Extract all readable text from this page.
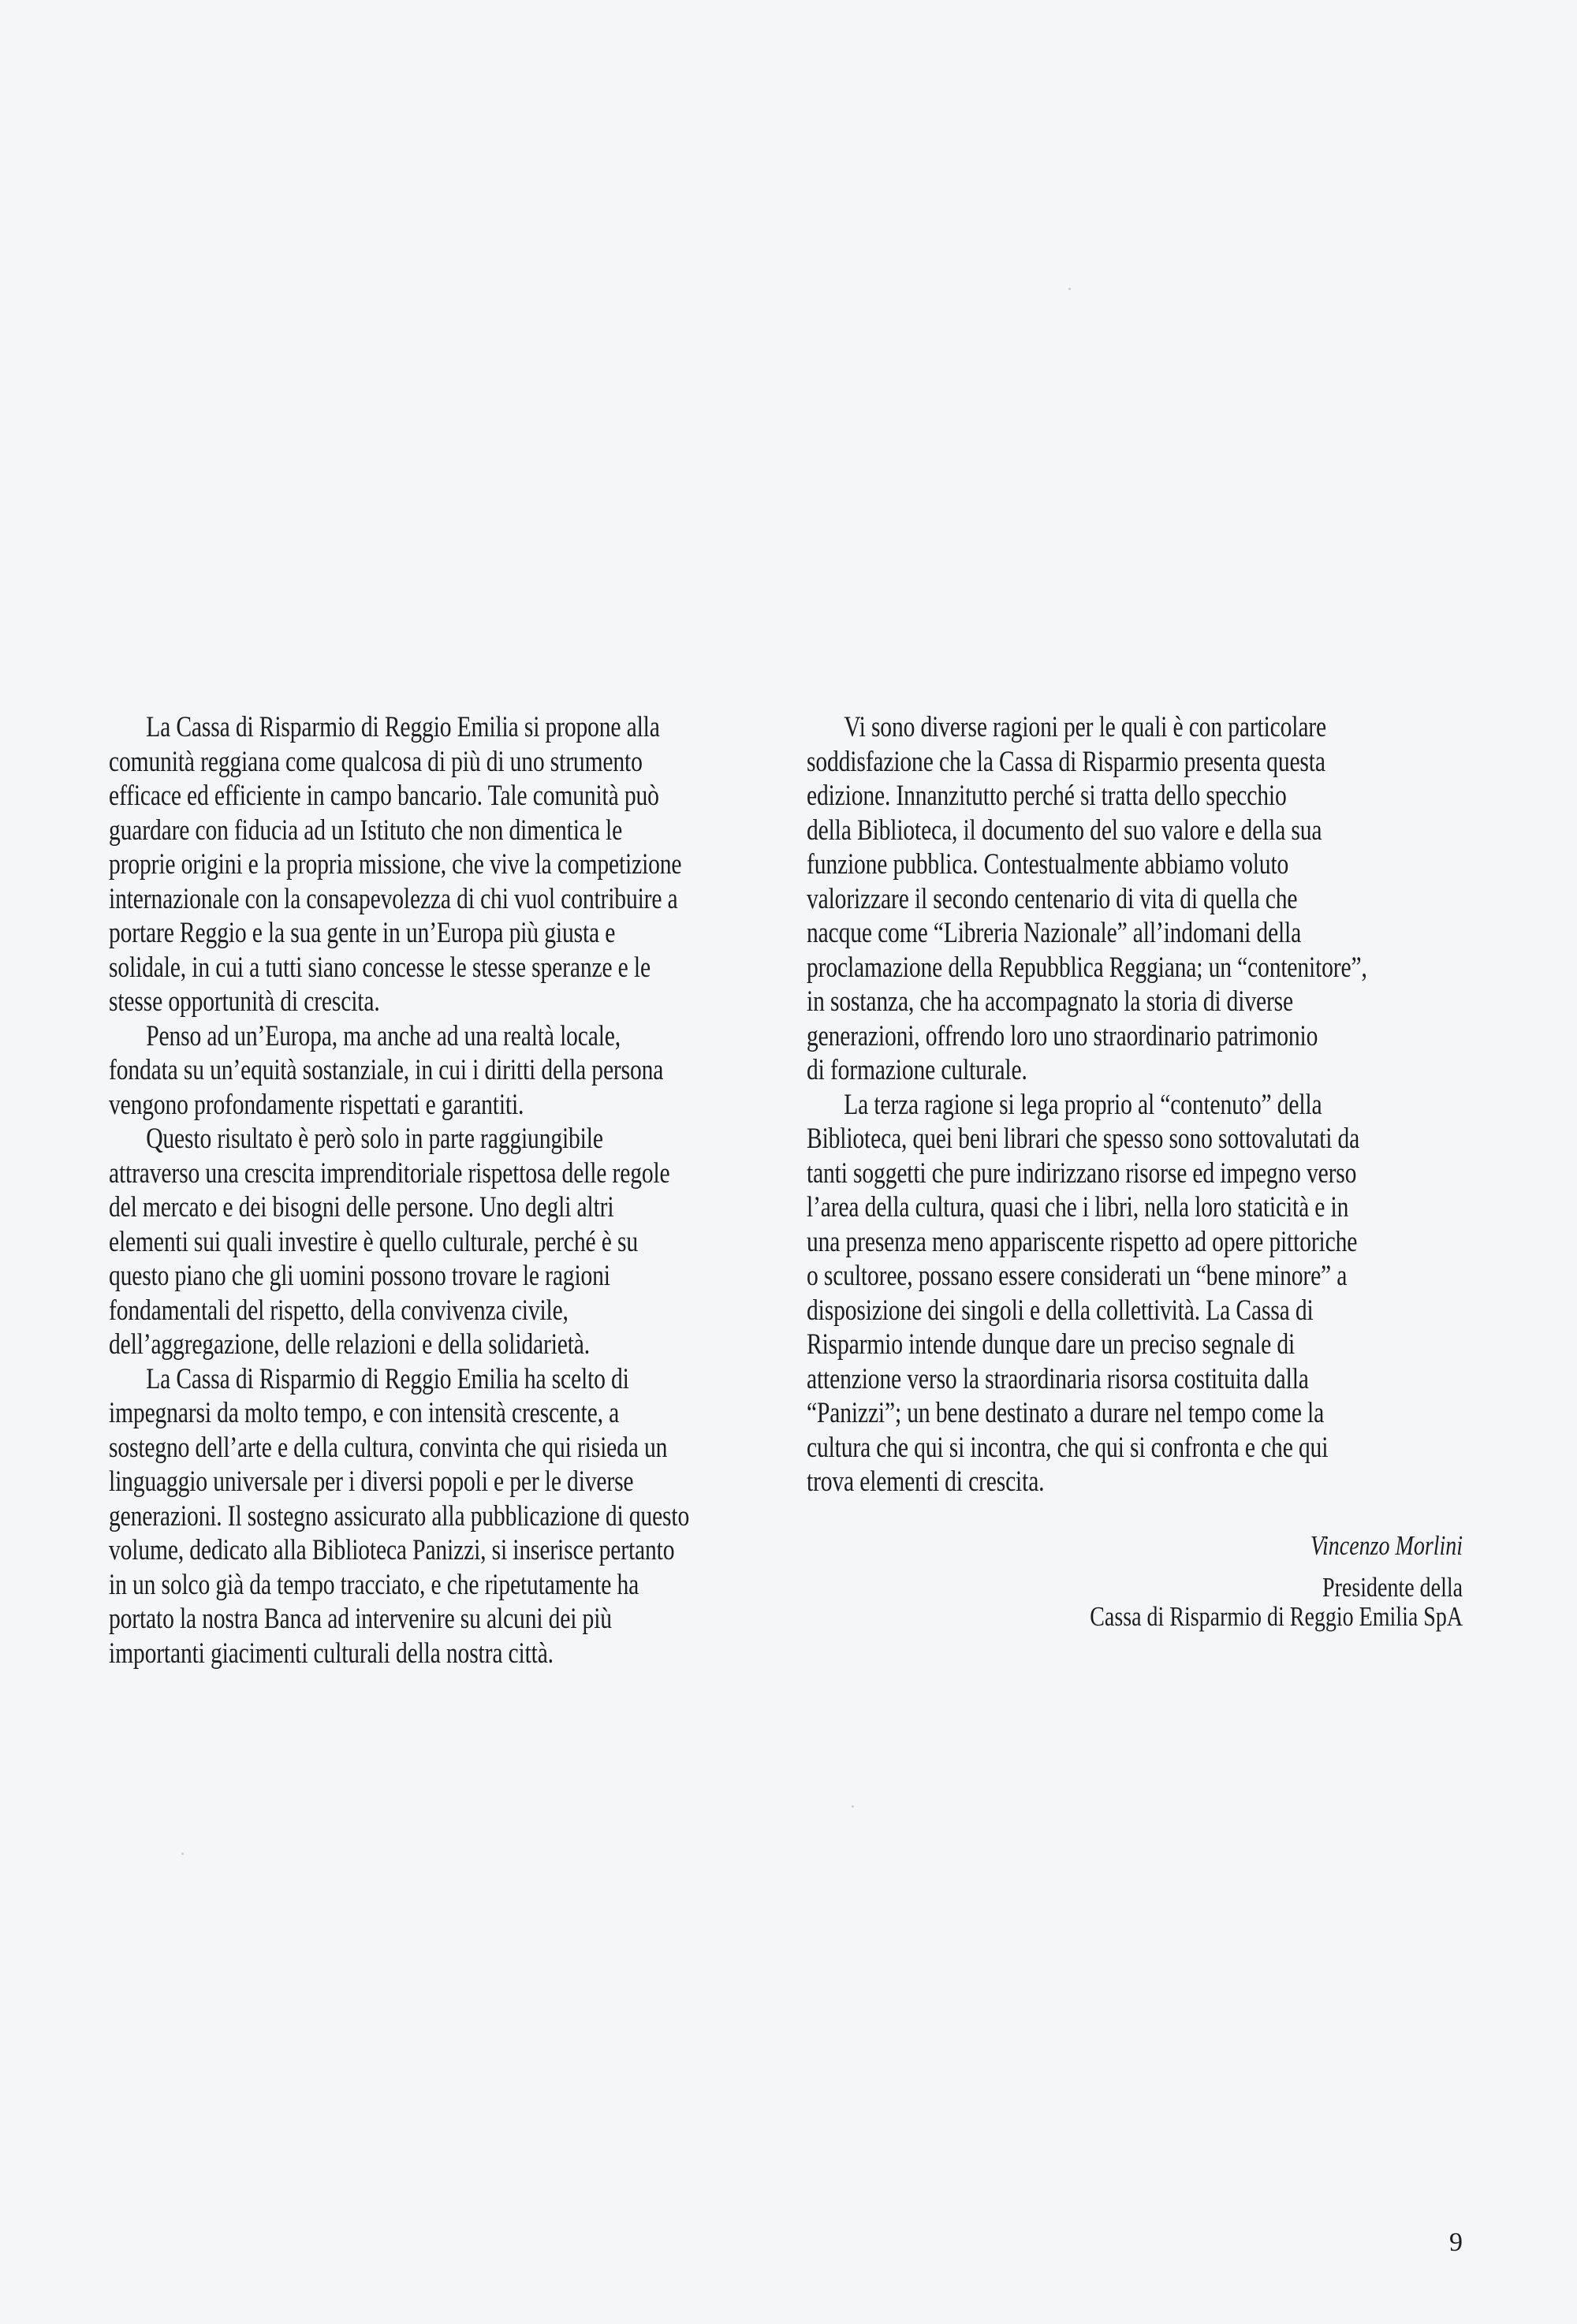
La Cassa di Risparmio di Reggio Emilia si propone alla
comunità reggiana come qualcosa di più di uno strumento
efficace ed efficiente in campo bancario. Tale comunità può
guardare con fiducia ad un Istituto che non dimentica le
proprie origini e la propria missione, che vive la competizione
internazionale con la consapevolezza di chi vuol contribuire a
portare Reggio e la sua gente in un’Europa più giusta e
solidale, in cui a tutti siano concesse le stesse speranze e le
stesse opportunità di crescita.
Penso ad un’Europa, ma anche ad una realtà locale,
fondata su un’equità sostanziale, in cui i diritti della persona
vengono profondamente rispettati e garantiti.
Questo risultato è però solo in parte raggiungibile
attraverso una crescita imprenditoriale rispettosa delle regole
del mercato e dei bisogni delle persone. Uno degli altri
elementi sui quali investire è quello culturale, perché è su
questo piano che gli uomini possono trovare le ragioni
fondamentali del rispetto, della convivenza civile,
dell’aggregazione, delle relazioni e della solidarietà.
La Cassa di Risparmio di Reggio Emilia ha scelto di
impegnarsi da molto tempo, e con intensità crescente, a
sostegno dell’arte e della cultura, convinta che qui risieda un
linguaggio universale per i diversi popoli e per le diverse
generazioni. Il sostegno assicurato alla pubblicazione di questo
volume, dedicato alla Biblioteca Panizzi, si inserisce pertanto
in un solco già da tempo tracciato, e che ripetutamente ha
portato la nostra Banca ad intervenire su alcuni dei più
importanti giacimenti culturali della nostra città.
Vi sono diverse ragioni per le quali è con particolare
soddisfazione che la Cassa di Risparmio presenta questa
edizione. Innanzitutto perché si tratta dello specchio
della Biblioteca, il documento del suo valore e della sua
funzione pubblica. Contestualmente abbiamo voluto
valorizzare il secondo centenario di vita di quella che
nacque come “Libreria Nazionale” all’indomani della
proclamazione della Repubblica Reggiana; un “contenitore”,
in sostanza, che ha accompagnato la storia di diverse
generazioni, offrendo loro uno straordinario patrimonio
di formazione culturale.
La terza ragione si lega proprio al “contenuto” della
Biblioteca, quei beni librari che spesso sono sottovalutati da
tanti soggetti che pure indirizzano risorse ed impegno verso
l’area della cultura, quasi che i libri, nella loro staticità e in
una presenza meno appariscente rispetto ad opere pittoriche
o scultoree, possano essere considerati un “bene minore” a
disposizione dei singoli e della collettività. La Cassa di
Risparmio intende dunque dare un preciso segnale di
attenzione verso la straordinaria risorsa costituita dalla
“Panizzi”; un bene destinato a durare nel tempo come la
cultura che qui si incontra, che qui si confronta e che qui
trova elementi di crescita.
Vincenzo Morlini
Presidente della
Cassa di Risparmio di Reggio Emilia SpA
9
